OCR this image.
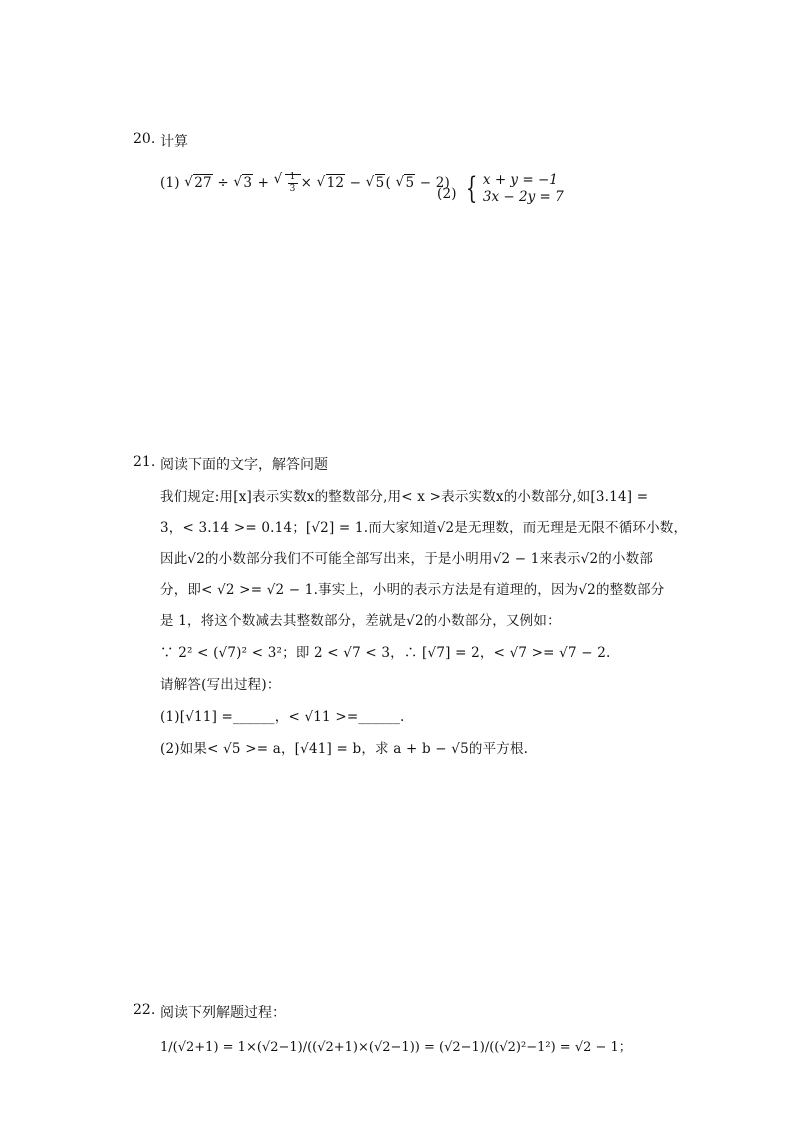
20. 计算
(1) √ 27 ÷ √ 3 + √ $\frac{1}{3}$ × √ 12 − √ 5( √ 5 − 2)
(2) { x + y = −1
3x − 2y = 7
21. 阅读下面的文字，解答问题
我们规定:用[x]表示实数x的整数部分,用< x >表示实数x的小数部分,如[3.14] =
3，< 3.14 >= 0.14；[√2] = 1.而大家知道√2是无理数，而无理是无限不循环小数，
因此√2的小数部分我们不可能全部写出来，于是小明用√2 − 1来表示√2的小数部
分，即< √2 >= √2 − 1.事实上，小明的表示方法是有道理的，因为√2的整数部分
是 1，将这个数减去其整数部分，差就是√2的小数部分，又例如：
∵ 2² < (√7)² < 3²；即 2 < √7 < 3，∴ [√7] = 2，< √7 >= √7 − 2.
请解答(写出过程)：
(1)[√11] =______，< √11 >=______.
(2)如果< √5 >= a，[√41] = b，求 a + b − √5的平方根.
22. 阅读下列解题过程：
1/(√2+1) = 1×(√2−1)/((√2+1)×(√2−1)) = (√2−1)/((√2)²−1²) = √2 − 1；
